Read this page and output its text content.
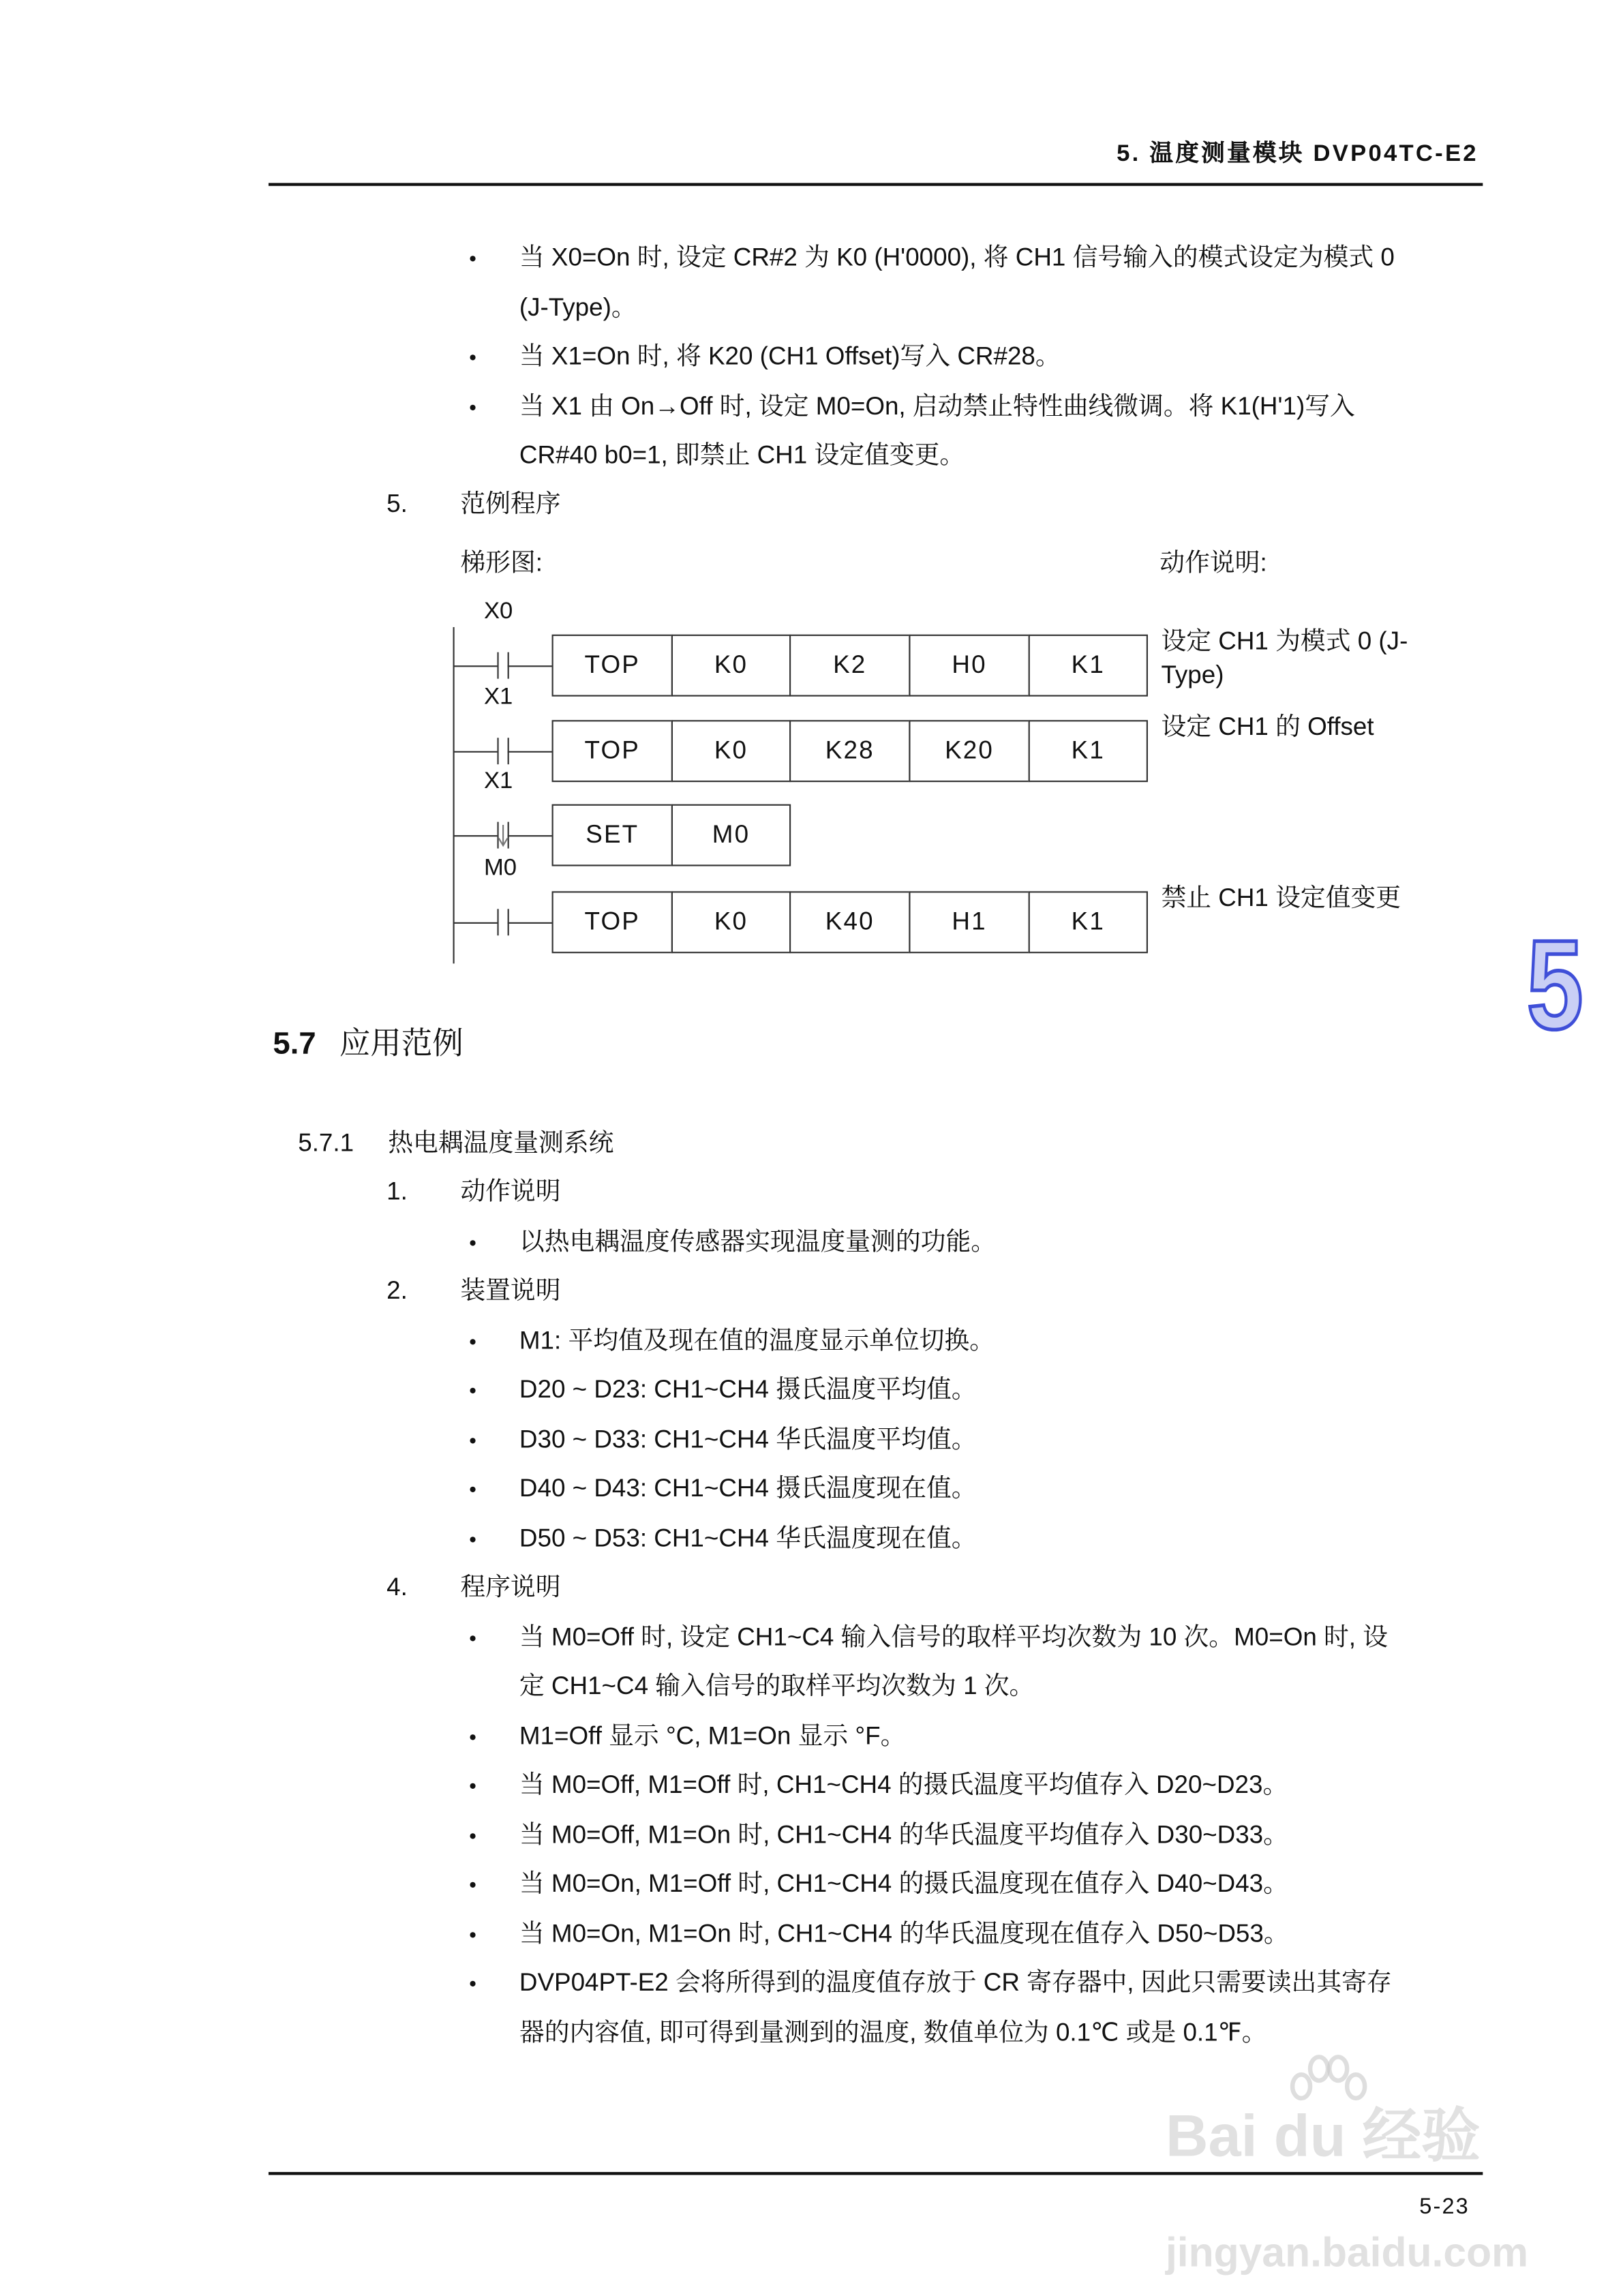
5. 温度测量模块 DVP04TC-E2
•	当 X0=On 时, 设定 CR#2 为 K0 (H'0000), 将 CH1 信号输入的模式设定为模式 0
(J-Type)。
•	当 X1=On 时, 将 K20 (CH1 Offset)写入 CR#28。
•	当 X1 由 On→Off 时, 设定 M0=On, 启动禁止特性曲线微调。将 K1(H'1)写入
CR#40 b0=1, 即禁止 CH1 设定值变更。
5.	范例程序
梯形图:	动作说明:
X0
TOP	K0	K2	H0	K1
设定 CH1 为模式 0 (J-
Type)
X1
TOP	K0	K28	K20	K1
设定 CH1 的 Offset
X1
SET	M0
M0
TOP	K0	K40	H1	K1
禁止 CH1 设定值变更
5
5.7 应用范例
5.7.1	热电耦温度量测系统
1.	动作说明
•	以热电耦温度传感器实现温度量测的功能。
2.	装置说明
•	M1: 平均值及现在值的温度显示单位切换。
•	D20 ~ D23: CH1~CH4 摄氏温度平均值。
•	D30 ~ D33: CH1~CH4 华氏温度平均值。
•	D40 ~ D43: CH1~CH4 摄氏温度现在值。
•	D50 ~ D53: CH1~CH4 华氏温度现在值。
4.	程序说明
•	当 M0=Off 时, 设定 CH1~C4 输入信号的取样平均次数为 10 次。M0=On 时, 设
定 CH1~C4 输入信号的取样平均次数为 1 次。
•	M1=Off 显示 °C, M1=On 显示 °F。
•	当 M0=Off, M1=Off 时, CH1~CH4 的摄氏温度平均值存入 D20~D23。
•	当 M0=Off, M1=On 时, CH1~CH4 的华氏温度平均值存入 D30~D33。
•	当 M0=On, M1=Off 时, CH1~CH4 的摄氏温度现在值存入 D40~D43。
•	当 M0=On, M1=On 时, CH1~CH4 的华氏温度现在值存入 D50~D53。
•	DVP04PT-E2 会将所得到的温度值存放于 CR 寄存器中, 因此只需要读出其寄存
器的内容值, 即可得到量测到的温度, 数值单位为 0.1℃ 或是 0.1℉。
5-23
Bai du 经验
jingyan.baidu.com
